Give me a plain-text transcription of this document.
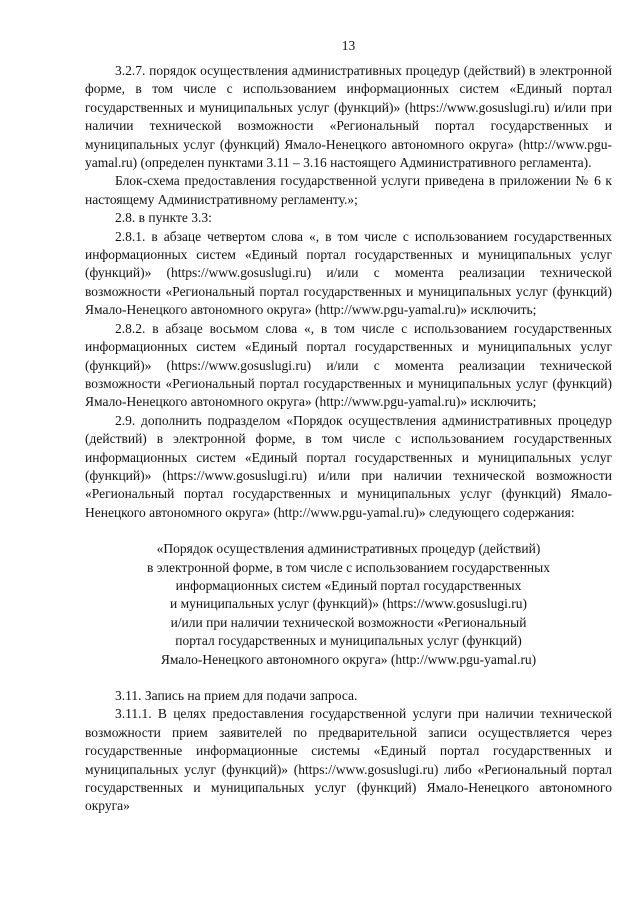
13

3.2.7. порядок осуществления административных процедур (действий) в электронной форме, в том числе с использованием информационных систем «Единый портал государственных и муниципальных услуг (функций)» (https://www.gosuslugi.ru) и/или при наличии технической возможности «Региональный портал государственных и муниципальных услуг (функций) Ямало-Ненецкого автономного округа» (http://www.pgu-yamal.ru) (определен пунктами 3.11 – 3.16 настоящего Административного регламента).

Блок-схема предоставления государственной услуги приведена в приложении № 6 к настоящему Административному регламенту.»;

2.8. в пункте 3.3:

2.8.1. в абзаце четвертом слова «, в том числе с использованием государственных информационных систем «Единый портал государственных и муниципальных услуг (функций)» (https://www.gosuslugi.ru) и/или с момента реализации технической возможности «Региональный портал государственных и муниципальных услуг (функций) Ямало-Ненецкого автономного округа» (http://www.pgu-yamal.ru)» исключить;

2.8.2. в абзаце восьмом слова «, в том числе с использованием государственных информационных систем «Единый портал государственных и муниципальных услуг (функций)» (https://www.gosuslugi.ru) и/или с момента реализации технической возможности «Региональный портал государственных и муниципальных услуг (функций) Ямало-Ненецкого автономного округа» (http://www.pgu-yamal.ru)» исключить;

2.9. дополнить подразделом «Порядок осуществления административных процедур (действий) в электронной форме, в том числе с использованием государственных информационных систем «Единый портал государственных и муниципальных услуг (функций)» (https://www.gosuslugi.ru) и/или при наличии технической возможности «Региональный портал государственных и муниципальных услуг (функций) Ямало-Ненецкого автономного округа» (http://www.pgu-yamal.ru)» следующего содержания:

«Порядок осуществления административных процедур (действий)
в электронной форме, в том числе с использованием государственных
информационных систем «Единый портал государственных
и муниципальных услуг (функций)» (https://www.gosuslugi.ru)
и/или при наличии технической возможности «Региональный
портал государственных и муниципальных услуг (функций)
Ямало-Ненецкого автономного округа» (http://www.pgu-yamal.ru)

3.11. Запись на прием для подачи запроса.

3.11.1. В целях предоставления государственной услуги при наличии технической возможности прием заявителей по предварительной записи осуществляется через государственные информационные системы «Единый портал государственных и муниципальных услуг (функций)» (https://www.gosuslugi.ru) либо «Региональный портал государственных и муниципальных услуг (функций) Ямало-Ненецкого автономного округа»
